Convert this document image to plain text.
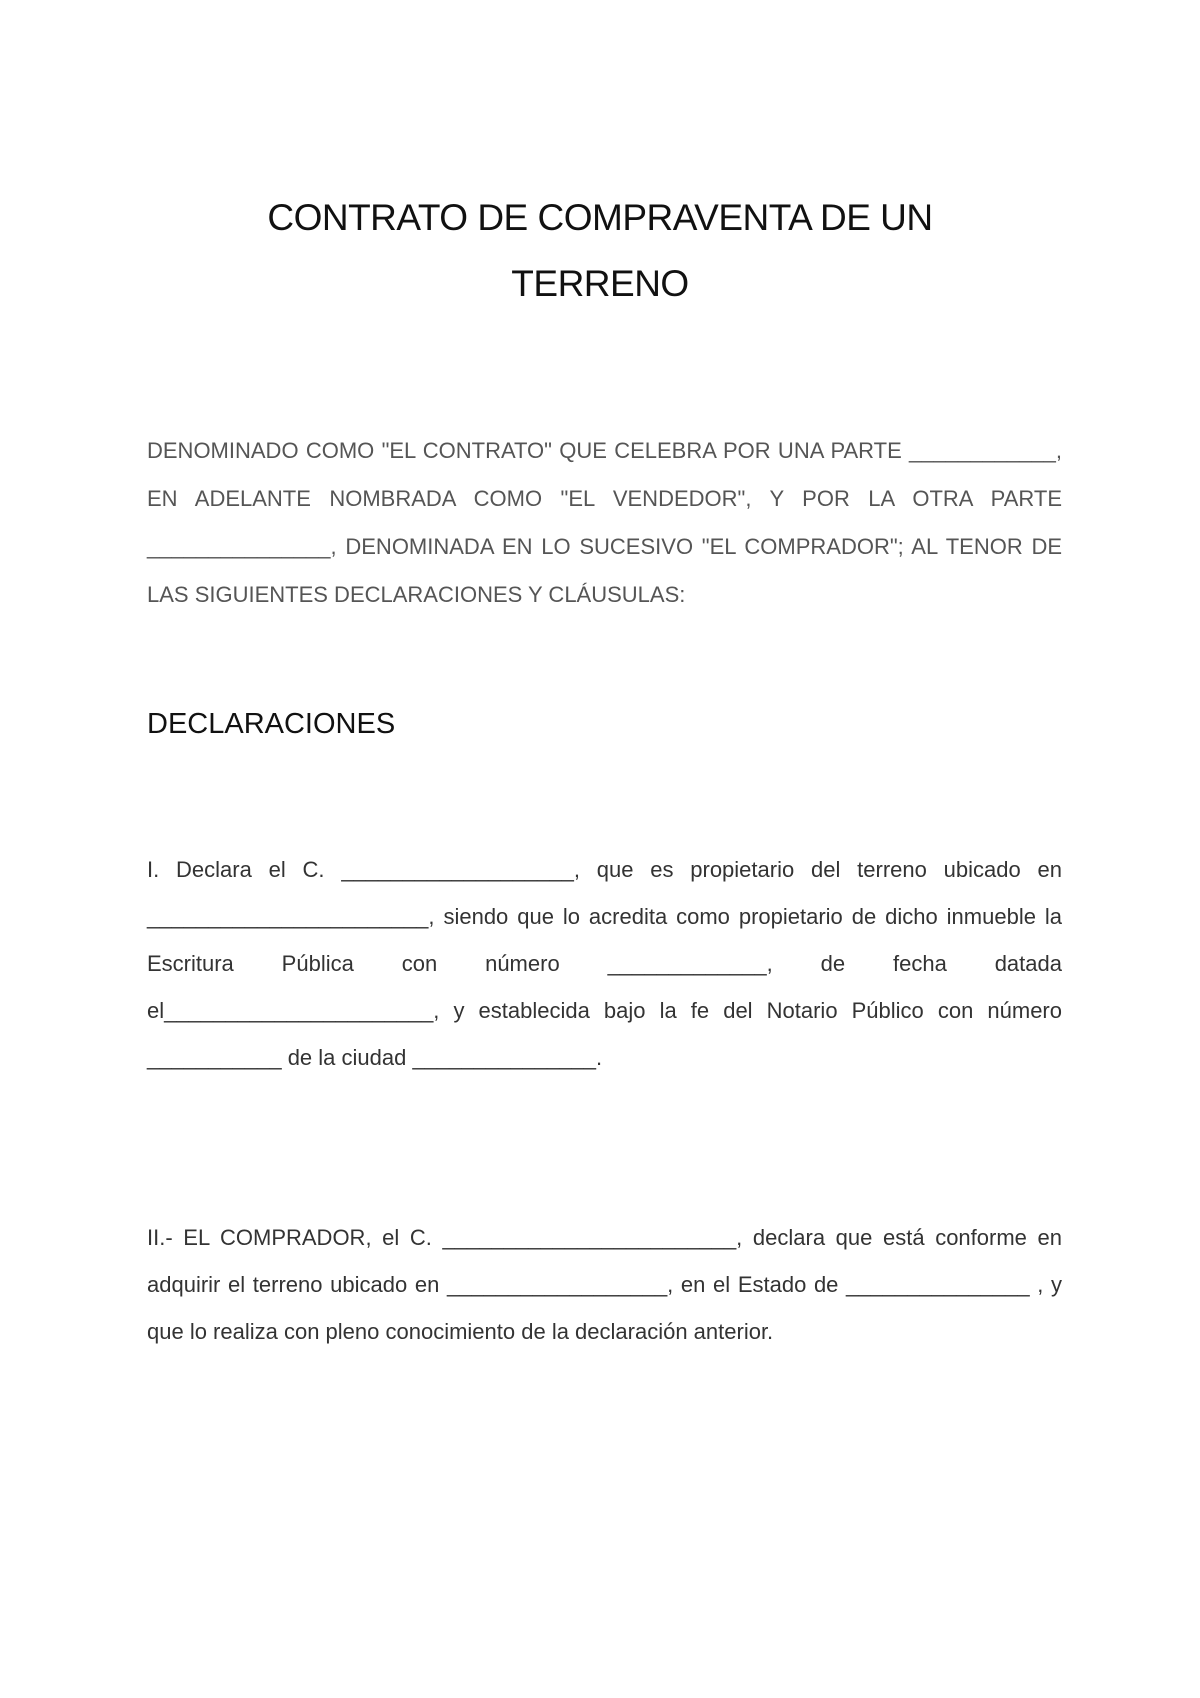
CONTRATO DE COMPRAVENTA DE UN
TERRENO

DENOMINADO COMO "EL CONTRATO" QUE CELEBRA POR UNA PARTE ____________, EN ADELANTE NOMBRADA COMO "EL VENDEDOR", Y POR LA OTRA PARTE _______________, DENOMINADA EN LO SUCESIVO "EL COMPRADOR"; AL TENOR DE LAS SIGUIENTES DECLARACIONES Y CLÁUSULAS:

DECLARACIONES

I. Declara el C. ___________________, que es propietario del terreno ubicado en _______________________, siendo que lo acredita como propietario de dicho inmueble la Escritura Pública con número _____________, de fecha datada el______________________, y establecida bajo la fe del Notario Público con número ___________ de la ciudad _______________.

II.- EL COMPRADOR, el C. ________________________, declara que está conforme en adquirir el terreno ubicado en __________________, en el Estado de _______________ , y que lo realiza con pleno conocimiento de la declaración anterior.
